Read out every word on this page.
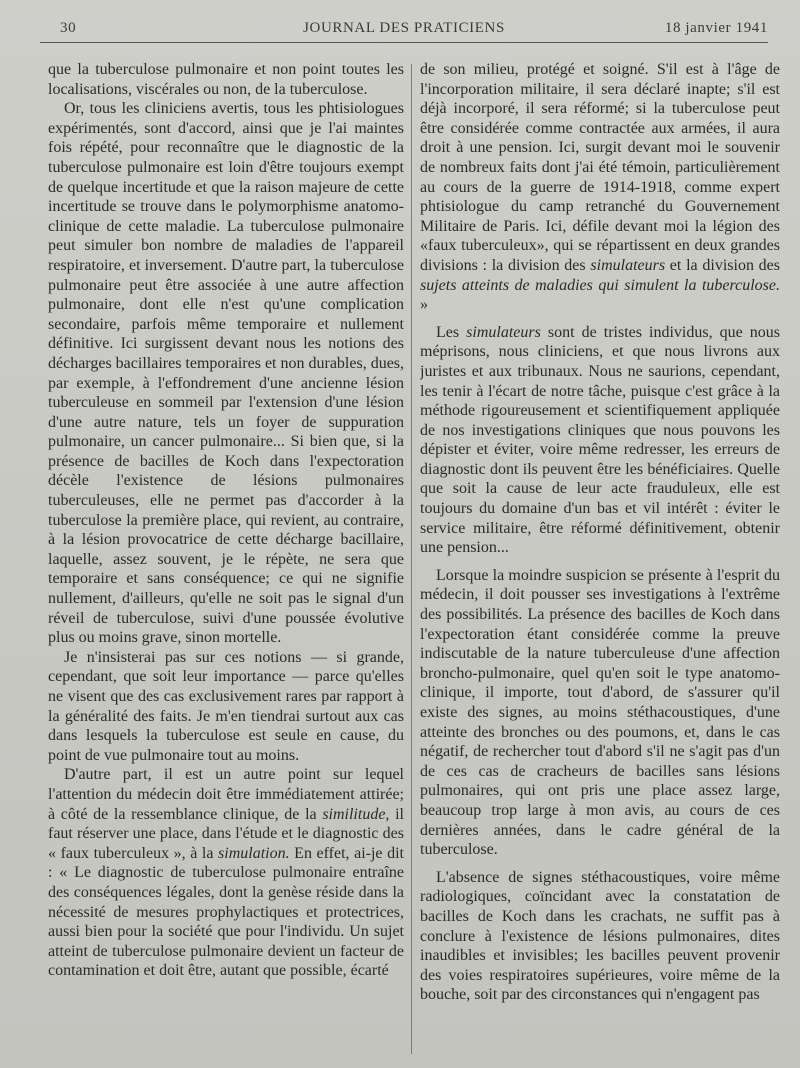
30	JOURNAL DES PRATICIENS	18 janvier 1941

que la tuberculose pulmonaire et non point toutes les localisations, viscérales ou non, de la tuberculose.

Or, tous les cliniciens avertis, tous les phtisiologues expérimentés, sont d'accord, ainsi que je l'ai maintes fois répété, pour reconnaître que le diagnostic de la tuberculose pulmonaire est loin d'être toujours exempt de quelque incertitude et que la raison majeure de cette incertitude se trouve dans le polymorphisme anatomo-clinique de cette maladie. La tuberculose pulmonaire peut simuler bon nombre de maladies de l'appareil respiratoire, et inversement. D'autre part, la tuberculose pulmonaire peut être associée à une autre affection pulmonaire, dont elle n'est qu'une complication secondaire, parfois même temporaire et nullement définitive. Ici surgissent devant nous les notions des décharges bacillaires temporaires et non durables, dues, par exemple, à l'effondrement d'une ancienne lésion tuberculeuse en sommeil par l'extension d'une lésion d'une autre nature, tels un foyer de suppuration pulmonaire, un cancer pulmonaire... Si bien que, si la présence de bacilles de Koch dans l'expectoration décèle l'existence de lésions pulmonaires tuberculeuses, elle ne permet pas d'accorder à la tuberculose la première place, qui revient, au contraire, à la lésion provocatrice de cette décharge bacillaire, laquelle, assez souvent, je le répète, ne sera que temporaire et sans conséquence; ce qui ne signifie nullement, d'ailleurs, qu'elle ne soit pas le signal d'un réveil de tuberculose, suivi d'une poussée évolutive plus ou moins grave, sinon mortelle.

Je n'insisterai pas sur ces notions — si grande, cependant, que soit leur importance — parce qu'elles ne visent que des cas exclusivement rares par rapport à la généralité des faits. Je m'en tiendrai surtout aux cas dans lesquels la tuberculose est seule en cause, du point de vue pulmonaire tout au moins.

D'autre part, il est un autre point sur lequel l'attention du médecin doit être immédiatement attirée; à côté de la ressemblance clinique, de la similitude, il faut réserver une place, dans l'étude et le diagnostic des « faux tuberculeux », à la simulation. En effet, ai-je dit : « Le diagnostic de tuberculose pulmonaire entraîne des conséquences légales, dont la genèse réside dans la nécessité de mesures prophylactiques et protectrices, aussi bien pour la société que pour l'individu. Un sujet atteint de tuberculose pulmonaire devient un facteur de contamination et doit être, autant que possible, écarté

de son milieu, protégé et soigné. S'il est à l'âge de l'incorporation militaire, il sera déclaré inapte; s'il est déjà incorporé, il sera réformé; si la tuberculose peut être considérée comme contractée aux armées, il aura droit à une pension. Ici, surgit devant moi le souvenir de nombreux faits dont j'ai été témoin, particulièrement au cours de la guerre de 1914-1918, comme expert phtisiologue du camp retranché du Gouvernement Militaire de Paris. Ici, défile devant moi la légion des «faux tuberculeux», qui se répartissent en deux grandes divisions : la division des simulateurs et la division des sujets atteints de maladies qui simulent la tuberculose. »

Les simulateurs sont de tristes individus, que nous méprisons, nous cliniciens, et que nous livrons aux juristes et aux tribunaux. Nous ne saurions, cependant, les tenir à l'écart de notre tâche, puisque c'est grâce à la méthode rigoureusement et scientifiquement appliquée de nos investigations cliniques que nous pouvons les dépister et éviter, voire même redresser, les erreurs de diagnostic dont ils peuvent être les bénéficiaires. Quelle que soit la cause de leur acte frauduleux, elle est toujours du domaine d'un bas et vil intérêt : éviter le service militaire, être réformé définitivement, obtenir une pension...

Lorsque la moindre suspicion se présente à l'esprit du médecin, il doit pousser ses investigations à l'extrême des possibilités. La présence des bacilles de Koch dans l'expectoration étant considérée comme la preuve indiscutable de la nature tuberculeuse d'une affection broncho-pulmonaire, quel qu'en soit le type anatomo-clinique, il importe, tout d'abord, de s'assurer qu'il existe des signes, au moins stéthacoustiques, d'une atteinte des bronches ou des poumons, et, dans le cas négatif, de rechercher tout d'abord s'il ne s'agit pas d'un de ces cas de cracheurs de bacilles sans lésions pulmonaires, qui ont pris une place assez large, beaucoup trop large à mon avis, au cours de ces dernières années, dans le cadre général de la tuberculose.

L'absence de signes stéthacoustiques, voire même radiologiques, coïncidant avec la constatation de bacilles de Koch dans les crachats, ne suffit pas à conclure à l'existence de lésions pulmonaires, dites inaudibles et invisibles; les bacilles peuvent provenir des voies respiratoires supérieures, voire même de la bouche, soit par des circonstances qui n'engagent pas
